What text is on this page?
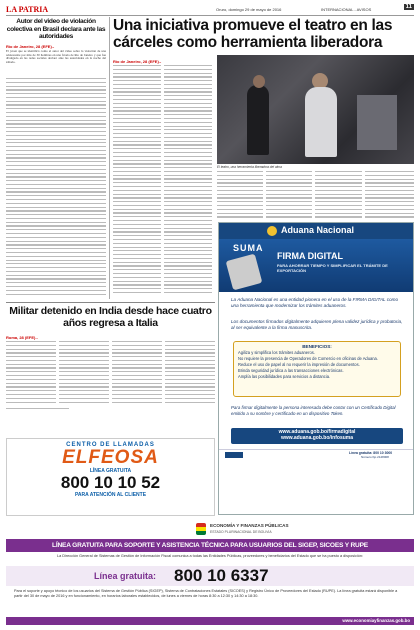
LA PATRIA	Oruro, domingo 29 de mayo de 2016	INTERNACIONAL - AVISOS	11
Autor del video de violación colectiva en Brasil declara ante las autoridades
Río de Janeiro, 28 (EFE).-
El joven que se identificó como el autor del video sobre la violación de una adolescente por más de 30 hombres en una favela de Río de Janeiro y que fue divulgado en las redes sociales declaró ante las autoridades en la noche del sábado.
Una iniciativa promueve el teatro en las cárceles como herramienta liberadora
Río de Janeiro, 28 (EFE).-
El teatro, una herramienta liberadora del alma
Aduana Nacional
SUMA
FIRMA DIGITAL
PARA AHORRAR TIEMPO Y SIMPLIFICAR EL TRÁMITE DE EXPORTACIÓN
La Aduana Nacional es una entidad pionera en el uso de la FIRMA DIGITAL como una herramienta que modernizar los trámites aduaneros.
Los documentos firmados digitalmente adquieren plena validez jurídica y probatoria, al ser equivalente a la firma manuscrita.
BENEFICIOS:
Agiliza y simplifica los trámites aduaneros.
No requiere la presencia de Operadores de Comercio en oficinas de Aduana.
Reduce el uso de papel al no requerir la impresión de documentos.
Brinda seguridad jurídica a las transacciones electrónicas.
Amplía las posibilidades para servicios a distancia.
Para firmar digitalmente la persona interesada debe contar con un Certificado Digital emitido a su nombre y certificado en un dispositivo Token.
www.aduana.gob.bo/firmadigital
www.aduana.gob.bo/infosuma
Línea gratuita: 800 10 3000
Número fijo 2128008
Militar detenido en India desde hace cuatro años regresa a Italia
Roma, 28 (EFE).-
CENTRO DE LLAMADAS
ELFEOSA
LÍNEA GRATUITA
800 10 10 52
PARA ATENCIÓN AL CLIENTE
ECONOMÍA Y FINANZAS PÚBLICAS
ESTADO PLURINACIONAL DE BOLIVIA
LÍNEA GRATUITA PARA SOPORTE Y ASISTENCIA TÉCNICA PARA USUARIOS DEL SIGEP, SICOES Y RUPE
La Dirección General de Sistemas de Gestión de Información Fiscal comunica a todas las Entidades Públicas, proveedores y beneficiarios del Estado que se ha puesto a disposición:
Línea gratuita: 800 10 6337
Para el soporte y apoyo técnico de los usuarios del Sistema de Gestión Pública (SIGEP), Sistema de Contrataciones Estatales (SICOES) y Registro Único de Proveedores del Estado (RUPE). La línea gratuita estará disponible a partir del 30 de mayo de 2016 y en funcionamiento, en horarios laborales establecidos, de lunes a viernes de horas 8:30 a 12:30 y 14:30 a 18:30.
www.economiayfinanzas.gob.bo
